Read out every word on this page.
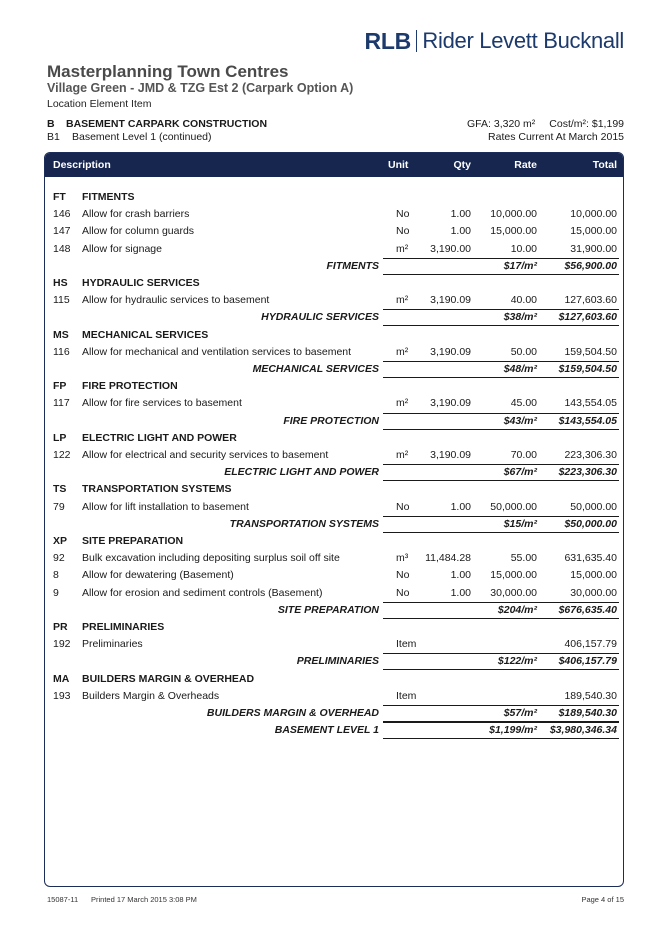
RLB Rider Levett Bucknall
Masterplanning Town Centres
Village Green - JMD & TZG Est 2 (Carpark Option A)
Location Element Item
B BASEMENT CARPARK CONSTRUCTION
B1 Basement Level 1 (continued)
GFA: 3,320 m² Cost/m²: $1,199
Rates Current At March 2015
Description	Unit	Qty	Rate	Total
FT FITMENTS
146 Allow for crash barriers	No	1.00 10,000.00	10,000.00
147 Allow for column guards	No	1.00 15,000.00	15,000.00
148 Allow for signage	m² 3,190.00	10.00	31,900.00
FITMENTS	$17/m²	$56,900.00
HS HYDRAULIC SERVICES
115 Allow for hydraulic services to basement	m² 3,190.09	40.00	127,603.60
HYDRAULIC SERVICES	$38/m² $127,603.60
MS MECHANICAL SERVICES
116 Allow for mechanical and ventilation services to basement	m² 3,190.09	50.00	159,504.50
MECHANICAL SERVICES	$48/m² $159,504.50
FP FIRE PROTECTION
117 Allow for fire services to basement	m² 3,190.09	45.00	143,554.05
FIRE PROTECTION	$43/m² $143,554.05
LP ELECTRIC LIGHT AND POWER
122 Allow for electrical and security services to basement	m² 3,190.09	70.00	223,306.30
ELECTRIC LIGHT AND POWER	$67/m² $223,306.30
TS TRANSPORTATION SYSTEMS
79 Allow for lift installation to basement	No	1.00 50,000.00	50,000.00
TRANSPORTATION SYSTEMS	$15/m²	$50,000.00
XP SITE PREPARATION
92 Bulk excavation including depositing surplus soil off site	m³ 11,484.28	55.00	631,635.40
8 Allow for dewatering (Basement)	No	1.00 15,000.00	15,000.00
9 Allow for erosion and sediment controls (Basement)	No	1.00 30,000.00	30,000.00
SITE PREPARATION	$204/m² $676,635.40
PR PRELIMINARIES
192 Preliminaries	Item	406,157.79
PRELIMINARIES	$122/m² $406,157.79
MA BUILDERS MARGIN & OVERHEAD
193 Builders Margin & Overheads	Item	189,540.30
BUILDERS MARGIN & OVERHEAD	$57/m² $189,540.30
BASEMENT LEVEL 1	$1,199/m² $3,980,346.34
15087-11 Printed 17 March 2015 3:08 PM	Page 4 of 15
